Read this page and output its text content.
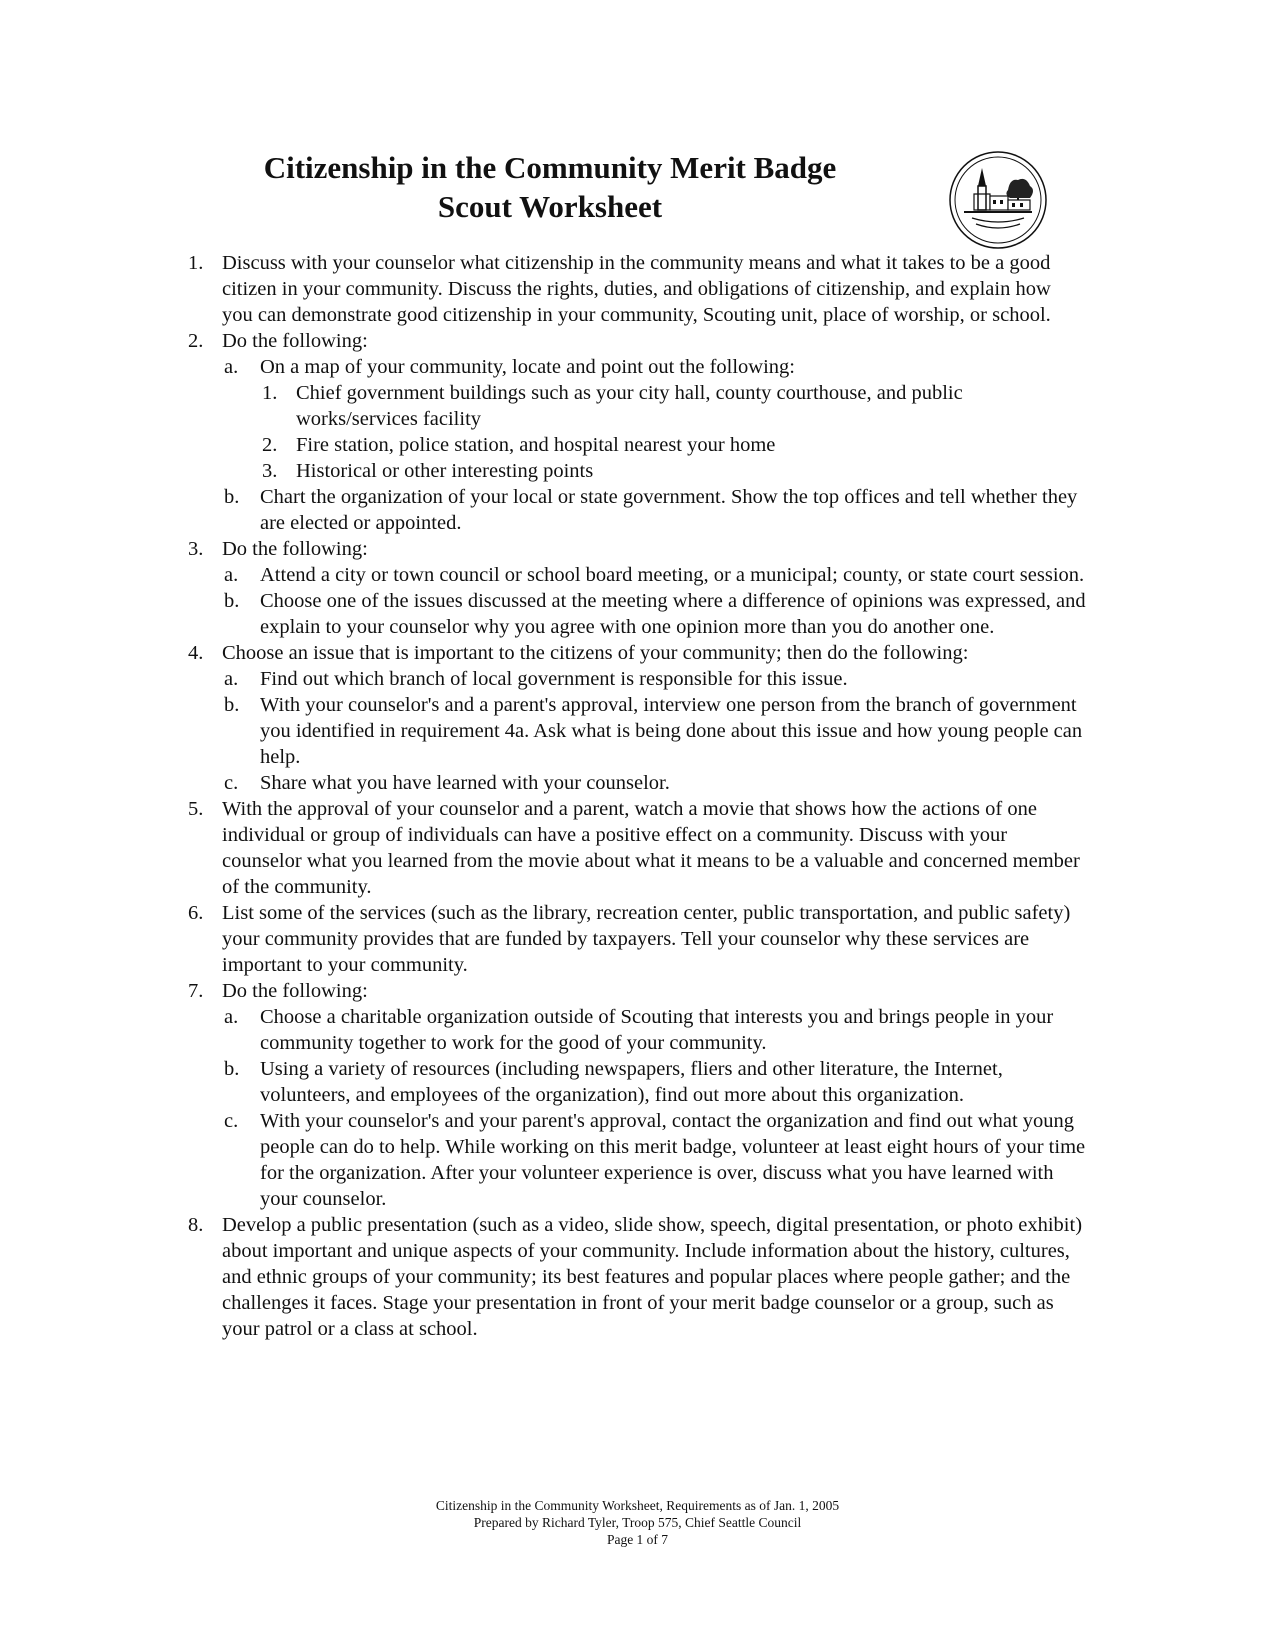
Citizenship in the Community Merit Badge
Scout Worksheet
1. Discuss with your counselor what citizenship in the community means and what it takes to be a good citizen in your community. Discuss the rights, duties, and obligations of citizenship, and explain how you can demonstrate good citizenship in your community, Scouting unit, place of worship, or school.
2. Do the following:
a.	On a map of your community, locate and point out the following:
1. Chief government buildings such as your city hall, county courthouse, and public works/services facility
2. Fire station, police station, and hospital nearest your home
3. Historical or other interesting points
b.	Chart the organization of your local or state government. Show the top offices and tell whether they are elected or appointed.
3. Do the following:
a.	Attend a city or town council or school board meeting, or a municipal; county, or state court session.
b.	Choose one of the issues discussed at the meeting where a difference of opinions was expressed, and explain to your counselor why you agree with one opinion more than you do another one.
4. Choose an issue that is important to the citizens of your community; then do the following:
a.	Find out which branch of local government is responsible for this issue.
b.	With your counselor's and a parent's approval, interview one person from the branch of government you identified in requirement 4a. Ask what is being done about this issue and how young people can help.
c.	Share what you have learned with your counselor.
5. With the approval of your counselor and a parent, watch a movie that shows how the actions of one individual or group of individuals can have a positive effect on a community. Discuss with your counselor what you learned from the movie about what it means to be a valuable and concerned member of the community.
6. List some of the services (such as the library, recreation center, public transportation, and public safety) your community provides that are funded by taxpayers. Tell your counselor why these services are important to your community.
7. Do the following:
a.	Choose a charitable organization outside of Scouting that interests you and brings people in your community together to work for the good of your community.
b.	Using a variety of resources (including newspapers, fliers and other literature, the Internet, volunteers, and employees of the organization), find out more about this organization.
c.	With your counselor's and your parent's approval, contact the organization and find out what young people can do to help. While working on this merit badge, volunteer at least eight hours of your time for the organization. After your volunteer experience is over, discuss what you have learned with your counselor.
8. Develop a public presentation (such as a video, slide show, speech, digital presentation, or photo exhibit) about important and unique aspects of your community. Include information about the history, cultures, and ethnic groups of your community; its best features and popular places where people gather; and the challenges it faces. Stage your presentation in front of your merit badge counselor or a group, such as your patrol or a class at school.
Citizenship in the Community Worksheet, Requirements as of Jan. 1, 2005
Prepared by Richard Tyler, Troop 575, Chief Seattle Council
Page 1 of 7
